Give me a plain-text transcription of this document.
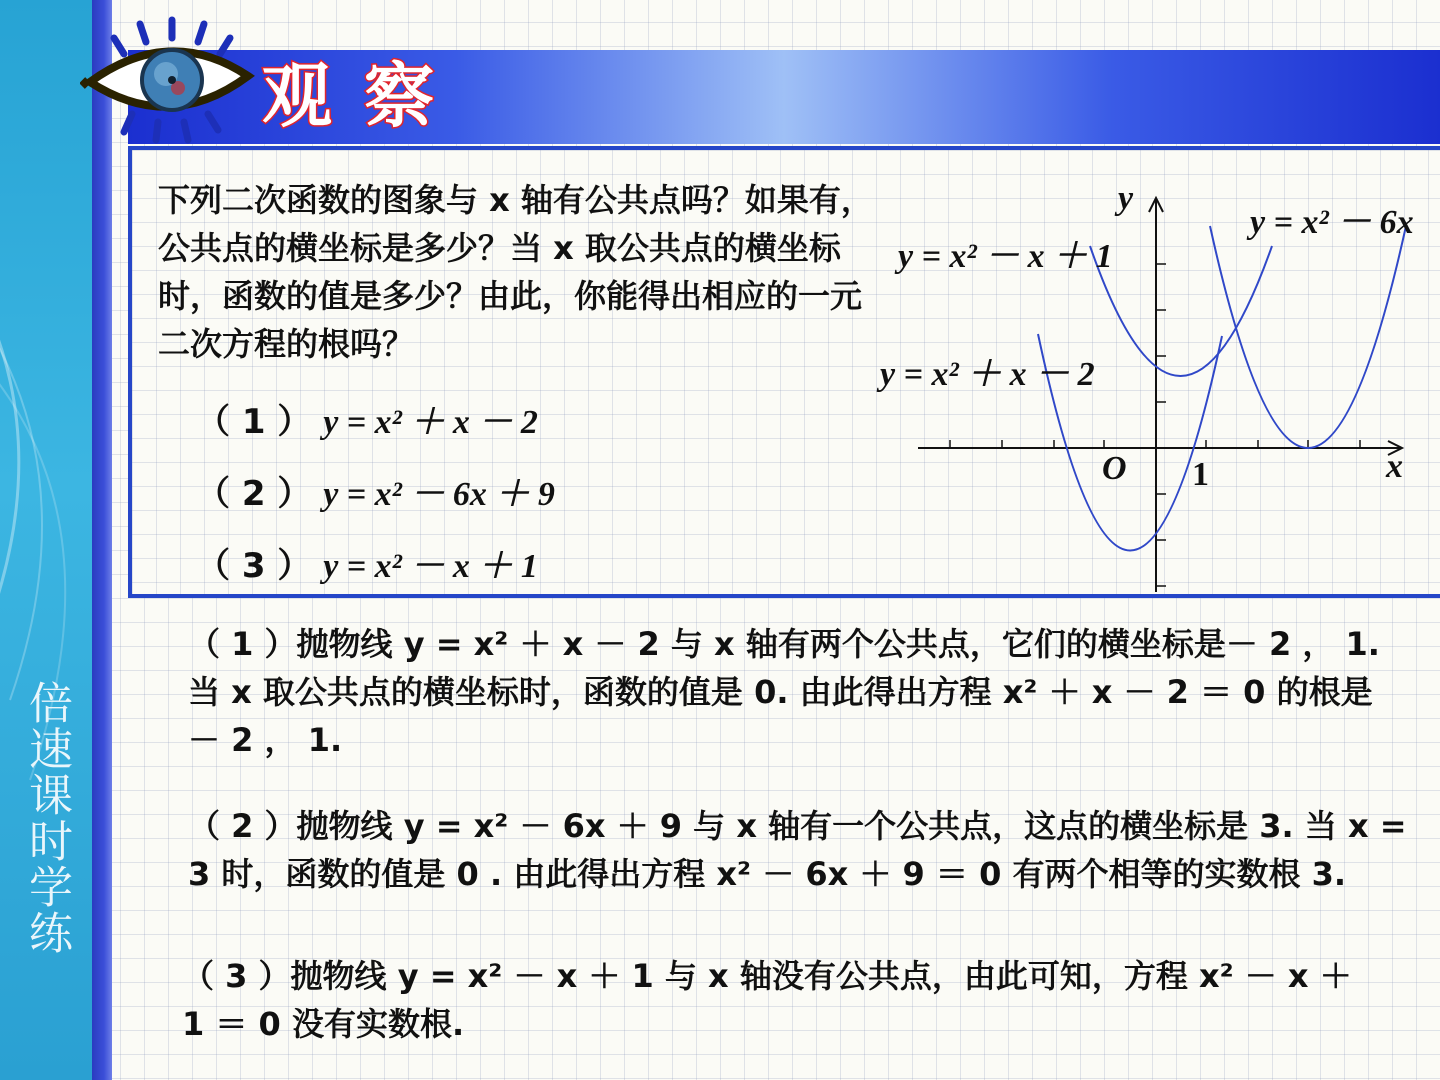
倍速课时学练
观察
下列二次函数的图象与 x 轴有公共点吗？如果有，公共点的横坐标是多少？当 x 取公共点的横坐标时，函数的值是多少？由此，你能得出相应的一元二次方程的根吗？
（ 1 ） y = x² ＋ x － 2
（ 2 ） y = x² － 6x ＋ 9
（ 3 ） y = x² － x ＋ 1
y
x
O 1
y = x² － 6x
y = x² － x ＋ 1
y = x² ＋ x － 2
（ 1 ）抛物线 y = x² ＋ x － 2 与 x 轴有两个公共点，它们的横坐标是－ 2 ， 1. 当 x 取公共点的横坐标时，函数的值是 0. 由此得出方程 x² ＋ x － 2 ＝ 0 的根是－ 2 ， 1.
（ 2 ）抛物线 y = x² － 6x ＋ 9 与 x 轴有一个公共点，这点的横坐标是 3. 当 x = 3 时，函数的值是 0 . 由此得出方程 x² － 6x ＋ 9 ＝ 0 有两个相等的实数根 3.
（ 3 ）抛物线 y = x² － x ＋ 1 与 x 轴没有公共点，由此可知，方程 x² － x ＋ 1 ＝ 0 没有实数根.
